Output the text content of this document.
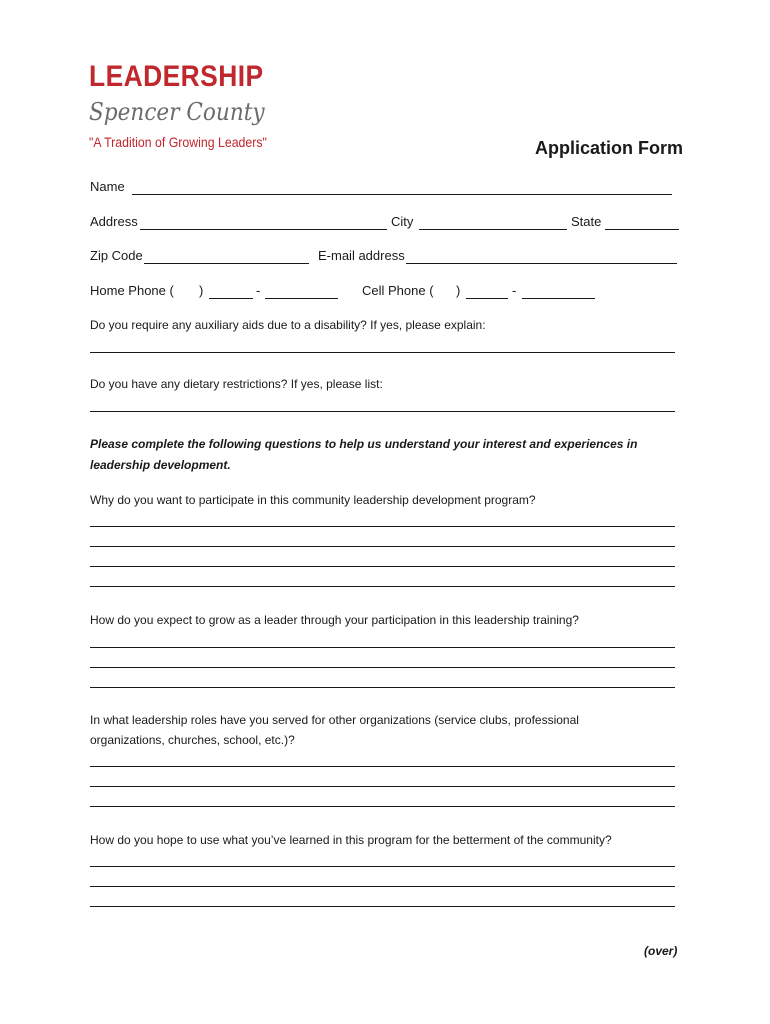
LEADERSHIP
Spencer County
"A Tradition of Growing Leaders"	Application Form
Name
Address	City	State
Zip Code	E-mail address
Home Phone ( )	-	Cell Phone ( )	-
Do you require any auxiliary aids due to a disability? If yes, please explain:
Do you have any dietary restrictions? If yes, please list:
Please complete the following questions to help us understand your interest and experiences in leadership development.
Why do you want to participate in this community leadership development program?
How do you expect to grow as a leader through your participation in this leadership training?
In what leadership roles have you served for other organizations (service clubs, professional
organizations, churches, school, etc.)?
How do you hope to use what you’ve learned in this program for the betterment of the community?
(over)
